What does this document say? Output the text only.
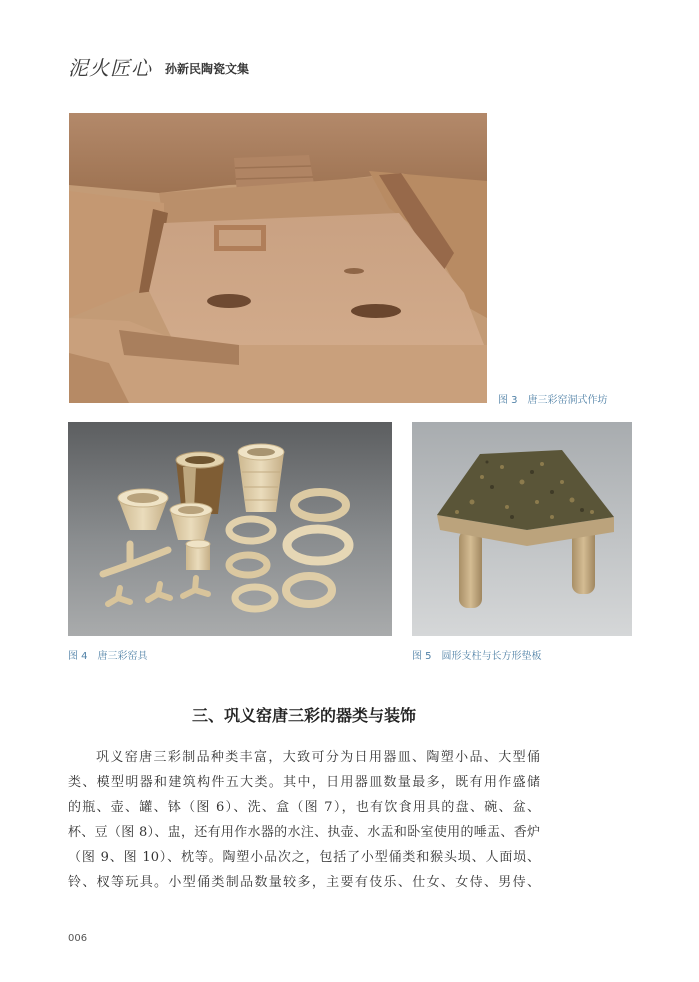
泥火匠心 孙新民陶瓷文集
图 3 唐三彩窑洞式作坊
图 4 唐三彩窑具	图 5 圆形支柱与长方形垫板
三、巩义窑唐三彩的器类与装饰
巩义窑唐三彩制品种类丰富，大致可分为日用器皿、陶塑小品、大型俑
类、模型明器和建筑构件五大类。其中，日用器皿数量最多，既有用作盛储
的瓶、壶、罐、钵（图 6）、洗、盒（图 7），也有饮食用具的盘、碗、盆、
杯、豆（图 8）、盅，还有用作水器的水注、执壶、水盂和卧室使用的唾盂、香炉
（图 9、图 10）、枕等。陶塑小品次之，包括了小型俑类和猴头埙、人面埙、
铃、杈等玩具。小型俑类制品数量较多，主要有伎乐、仕女、女侍、男侍、
006
